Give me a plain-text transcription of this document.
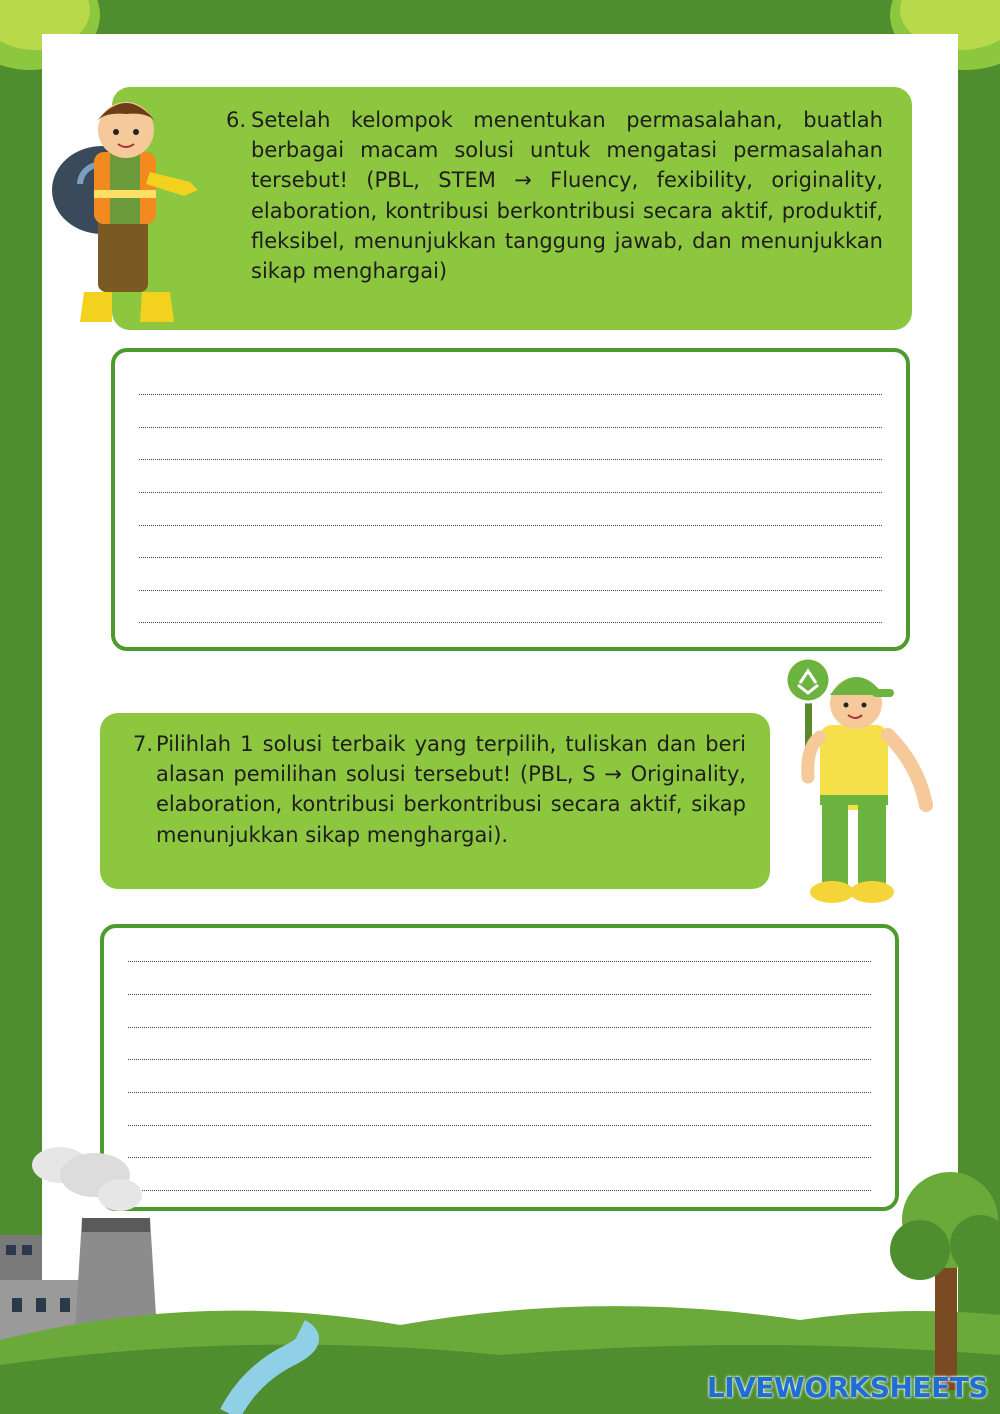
6. Setelah kelompok menentukan permasalahan, buatlah berbagai macam solusi untuk mengatasi permasalahan tersebut! (PBL, STEM → Fluency, fexibility, originality, elaboration, kontribusi berkontribusi secara aktif, produktif, fleksibel, menunjukkan tanggung jawab, dan menunjukkan sikap menghargai)
7. Pilihlah 1 solusi terbaik yang terpilih, tuliskan dan beri alasan pemilihan solusi tersebut! (PBL, S → Originality, elaboration, kontribusi berkontribusi secara aktif, sikap menunjukkan sikap menghargai).
LIVEWORKSHEETS
